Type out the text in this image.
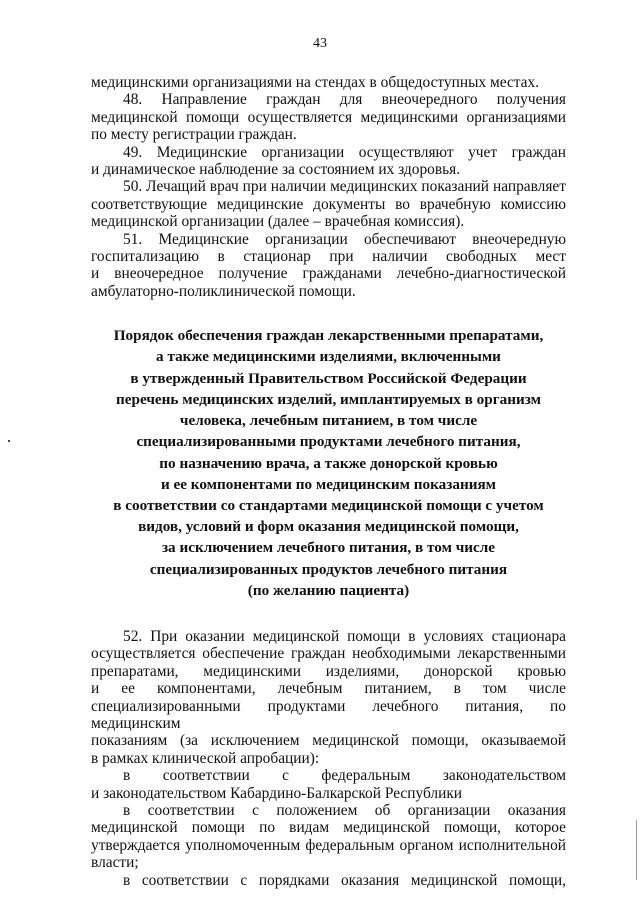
43

медицинскими организациями на стендах в общедоступных местах.

48. Направление граждан для внеочередного получения

медицинской помощи осуществляется медицинскими организациями

по месту регистрации граждан.

49. Медицинские организации осуществляют учет граждан

и динамическое наблюдение за состоянием их здоровья.

50. Лечащий врач при наличии медицинских показаний направляет

соответствующие медицинские документы во врачебную комиссию

медицинской организации (далее – врачебная комиссия).

51. Медицинские организации обеспечивают внеочередную

госпитализацию в стационар при наличии свободных мест

и внеочередное получение гражданами лечебно-диагностической

амбулаторно-поликлинической помощи.

Порядок обеспечения граждан лекарственными препаратами,
а также медицинскими изделиями, включенными
в утвержденный Правительством Российской Федерации
перечень медицинских изделий, имплантируемых в организм
человека, лечебным питанием, в том числе
специализированными продуктами лечебного питания,
по назначению врача, а также донорской кровью
и ее компонентами по медицинским показаниям
в соответствии со стандартами медицинской помощи с учетом
видов, условий и форм оказания медицинской помощи,
за исключением лечебного питания, в том числе
специализированных продуктов лечебного питания
(по желанию пациента)

52. При оказании медицинской помощи в условиях стационара

осуществляется обеспечение граждан необходимыми лекарственными

препаратами, медицинскими изделиями, донорской кровью

и ее компонентами, лечебным питанием, в том числе

специализированными продуктами лечебного питания, по медицинским

показаниям (за исключением медицинской помощи, оказываемой

в рамках клинической апробации):

в соответствии с федеральным законодательством

и законодательством Кабардино-Балкарской Республики

в соответствии с положением об организации оказания

медицинской помощи по видам медицинской помощи, которое

утверждается уполномоченным федеральным органом исполнительной

власти;

в соответствии с порядками оказания медицинской помощи,
